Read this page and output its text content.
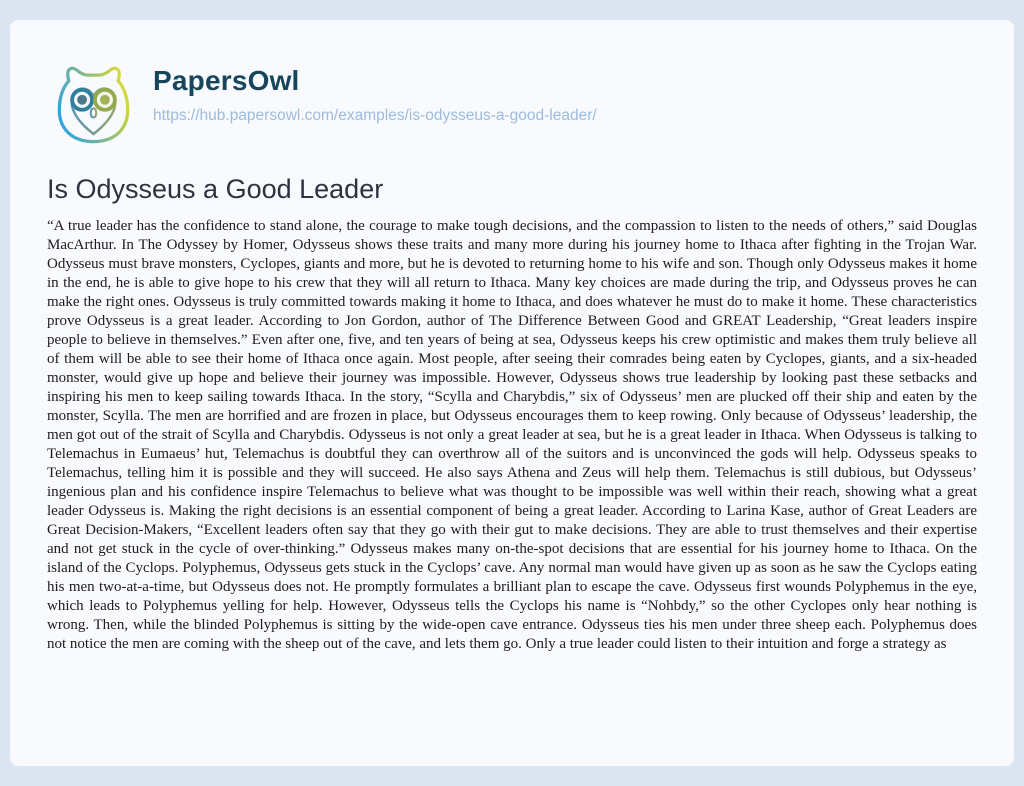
PapersOwl
https://hub.papersowl.com/examples/is-odysseus-a-good-leader/
Is Odysseus a Good Leader

“A true leader has the confidence to stand alone, the courage to make tough decisions, and the compassion to listen to the needs of others,” said Douglas MacArthur. In The Odyssey by Homer, Odysseus shows these traits and many more during his journey home to Ithaca after fighting in the Trojan War. Odysseus must brave monsters, Cyclopes, giants and more, but he is devoted to returning home to his wife and son. Though only Odysseus makes it home in the end, he is able to give hope to his crew that they will all return to Ithaca. Many key choices are made during the trip, and Odysseus proves he can make the right ones. Odysseus is truly committed towards making it home to Ithaca, and does whatever he must do to make it home. These characteristics prove Odysseus is a great leader. According to Jon Gordon, author of The Difference Between Good and GREAT Leadership, “Great leaders inspire people to believe in themselves.” Even after one, five, and ten years of being at sea, Odysseus keeps his crew optimistic and makes them truly believe all of them will be able to see their home of Ithaca once again. Most people, after seeing their comrades being eaten by Cyclopes, giants, and a six-headed monster, would give up hope and believe their journey was impossible. However, Odysseus shows true leadership by looking past these setbacks and inspiring his men to keep sailing towards Ithaca. In the story, “Scylla and Charybdis,” six of Odysseus’ men are plucked off their ship and eaten by the monster, Scylla. The men are horrified and are frozen in place, but Odysseus encourages them to keep rowing. Only because of Odysseus’ leadership, the men got out of the strait of Scylla and Charybdis. Odysseus is not only a great leader at sea, but he is a great leader in Ithaca. When Odysseus is talking to Telemachus in Eumaeus’ hut, Telemachus is doubtful they can overthrow all of the suitors and is unconvinced the gods will help. Odysseus speaks to Telemachus, telling him it is possible and they will succeed. He also says Athena and Zeus will help them. Telemachus is still dubious, but Odysseus’ ingenious plan and his confidence inspire Telemachus to believe what was thought to be impossible was well within their reach, showing what a great leader Odysseus is. Making the right decisions is an essential component of being a great leader. According to Larina Kase, author of Great Leaders are Great Decision-Makers, “Excellent leaders often say that they go with their gut to make decisions. They are able to trust themselves and their expertise and not get stuck in the cycle of over-thinking.” Odysseus makes many on-the-spot decisions that are essential for his journey home to Ithaca. On the island of the Cyclops. Polyphemus, Odysseus gets stuck in the Cyclops’ cave. Any normal man would have given up as soon as he saw the Cyclops eating his men two-at-a-time, but Odysseus does not. He promptly formulates a brilliant plan to escape the cave. Odysseus first wounds Polyphemus in the eye, which leads to Polyphemus yelling for help. However, Odysseus tells the Cyclops his name is “Nohbdy,” so the other Cyclopes only hear nothing is wrong. Then, while the blinded Polyphemus is sitting by the wide-open cave entrance. Odysseus ties his men under three sheep each. Polyphemus does not notice the men are coming with the sheep out of the cave, and lets them go. Only a true leader could listen to their intuition and forge a strategy as
